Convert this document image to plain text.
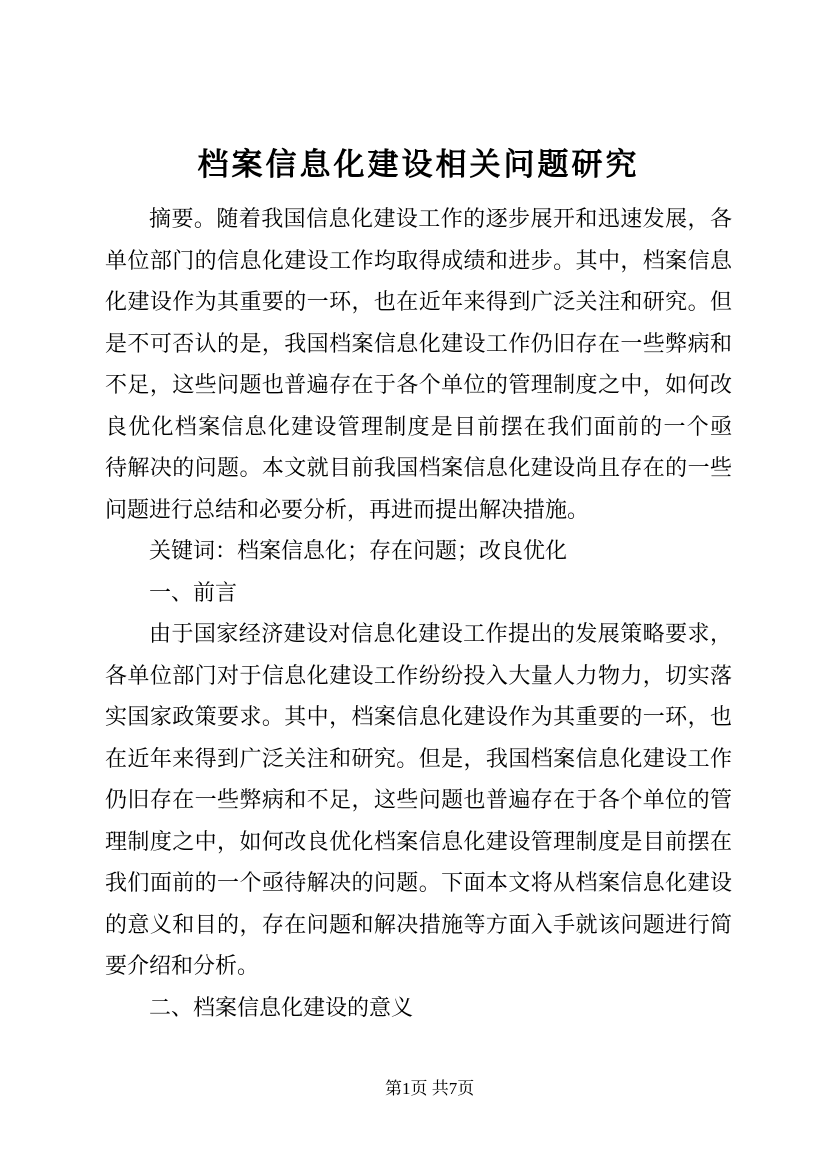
档案信息化建设相关问题研究
摘要。随着我国信息化建设工作的逐步展开和迅速发展，各
单位部门的信息化建设工作均取得成绩和进步。其中，档案信息
化建设作为其重要的一环，也在近年来得到广泛关注和研究。但
是不可否认的是，我国档案信息化建设工作仍旧存在一些弊病和
不足，这些问题也普遍存在于各个单位的管理制度之中，如何改
良优化档案信息化建设管理制度是目前摆在我们面前的一个亟
待解决的问题。本文就目前我国档案信息化建设尚且存在的一些
问题进行总结和必要分析，再进而提出解决措施。
关键词：档案信息化；存在问题；改良优化
一、前言
由于国家经济建设对信息化建设工作提出的发展策略要求，
各单位部门对于信息化建设工作纷纷投入大量人力物力，切实落
实国家政策要求。其中，档案信息化建设作为其重要的一环，也
在近年来得到广泛关注和研究。但是，我国档案信息化建设工作
仍旧存在一些弊病和不足，这些问题也普遍存在于各个单位的管
理制度之中，如何改良优化档案信息化建设管理制度是目前摆在
我们面前的一个亟待解决的问题。下面本文将从档案信息化建设
的意义和目的，存在问题和解决措施等方面入手就该问题进行简
要介绍和分析。
二、档案信息化建设的意义
第1页 共7页
